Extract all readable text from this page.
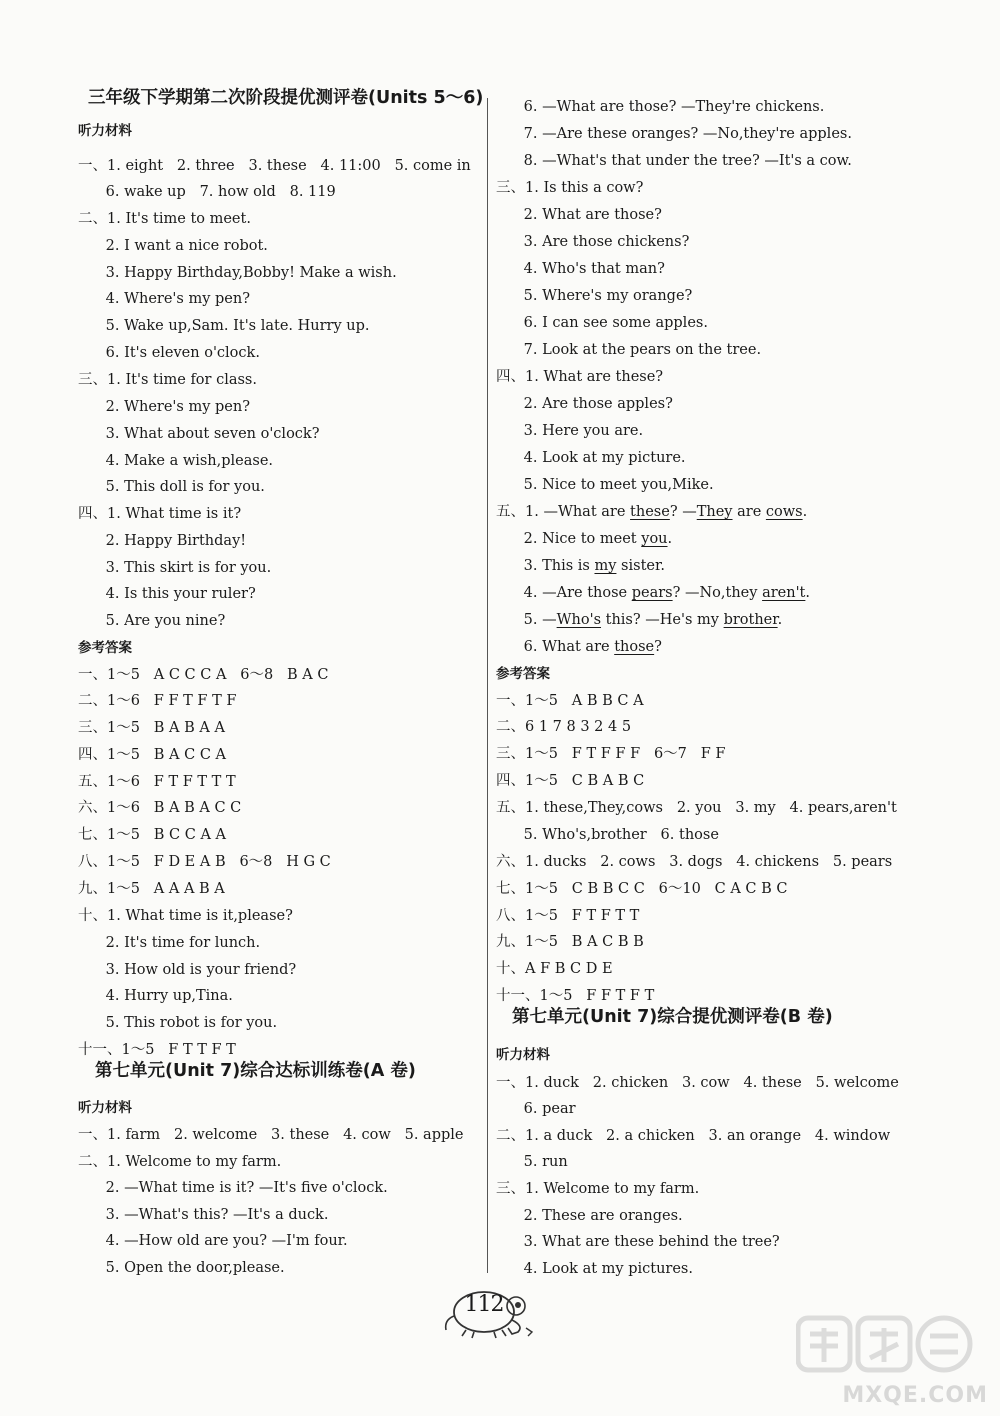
三年级下学期第二次阶段提优测评卷(Units 5～6)
听力材料
一、1. eight   2. three   3. these   4. 11:00   5. come in
6. wake up   7. how old   8. 119
二、1. It's time to meet.
2. I want a nice robot.
3. Happy Birthday,Bobby! Make a wish.
4. Where's my pen?
5. Wake up,Sam. It's late. Hurry up.
6. It's eleven o'clock.
三、1. It's time for class.
2. Where's my pen?
3. What about seven o'clock?
4. Make a wish,please.
5. This doll is for you.
四、1. What time is it?
2. Happy Birthday!
3. This skirt is for you.
4. Is this your ruler?
5. Are you nine?
参考答案
一、1～5   A C C C A   6～8   B A C
二、1～6   F F T F T F
三、1～5   B A B A A
四、1～5   B A C C A
五、1～6   F T F T T T
六、1～6   B A B A C C
七、1～5   B C C A A
八、1～5   F D E A B   6～8   H G C
九、1～5   A A A B A
十、1. What time is it,please?
2. It's time for lunch.
3. How old is your friend?
4. Hurry up,Tina.
5. This robot is for you.
十一、1～5   F T T F T
第七单元(Unit 7)综合达标训练卷(A 卷)
听力材料
一、1. farm   2. welcome   3. these   4. cow   5. apple
二、1. Welcome to my farm.
2. —What time is it? —It's five o'clock.
3. —What's this? —It's a duck.
4. —How old are you? —I'm four.
5. Open the door,please.
6. —What are those? —They're chickens.
7. —Are these oranges? —No,they're apples.
8. —What's that under the tree? —It's a cow.
三、1. Is this a cow?
2. What are those?
3. Are those chickens?
4. Who's that man?
5. Where's my orange?
6. I can see some apples.
7. Look at the pears on the tree.
四、1. What are these?
2. Are those apples?
3. Here you are.
4. Look at my picture.
5. Nice to meet you,Mike.
五、1. —What are these? —They are cows.
2. Nice to meet you.
3. This is my sister.
4. —Are those pears? —No,they aren't.
5. —Who's this? —He's my brother.
6. What are those?
参考答案
一、1～5   A B B C A
二、6 1 7 8 3 2 4 5
三、1～5   F T F F F   6～7   F F
四、1～5   C B A B C
五、1. these,They,cows   2. you   3. my   4. pears,aren't
5. Who's,brother   6. those
六、1. ducks   2. cows   3. dogs   4. chickens   5. pears
七、1～5   C B B C C   6～10   C A C B C
八、1～5   F T F T T
九、1～5   B A C B B
十、A F B C D E
十一、1～5   F F T F T
第七单元(Unit 7)综合提优测评卷(B 卷)
听力材料
一、1. duck   2. chicken   3. cow   4. these   5. welcome
6. pear
二、1. a duck   2. a chicken   3. an orange   4. window
5. run
三、1. Welcome to my farm.
2. These are oranges.
3. What are these behind the tree?
4. Look at my pictures.
112
MXQE.COM
